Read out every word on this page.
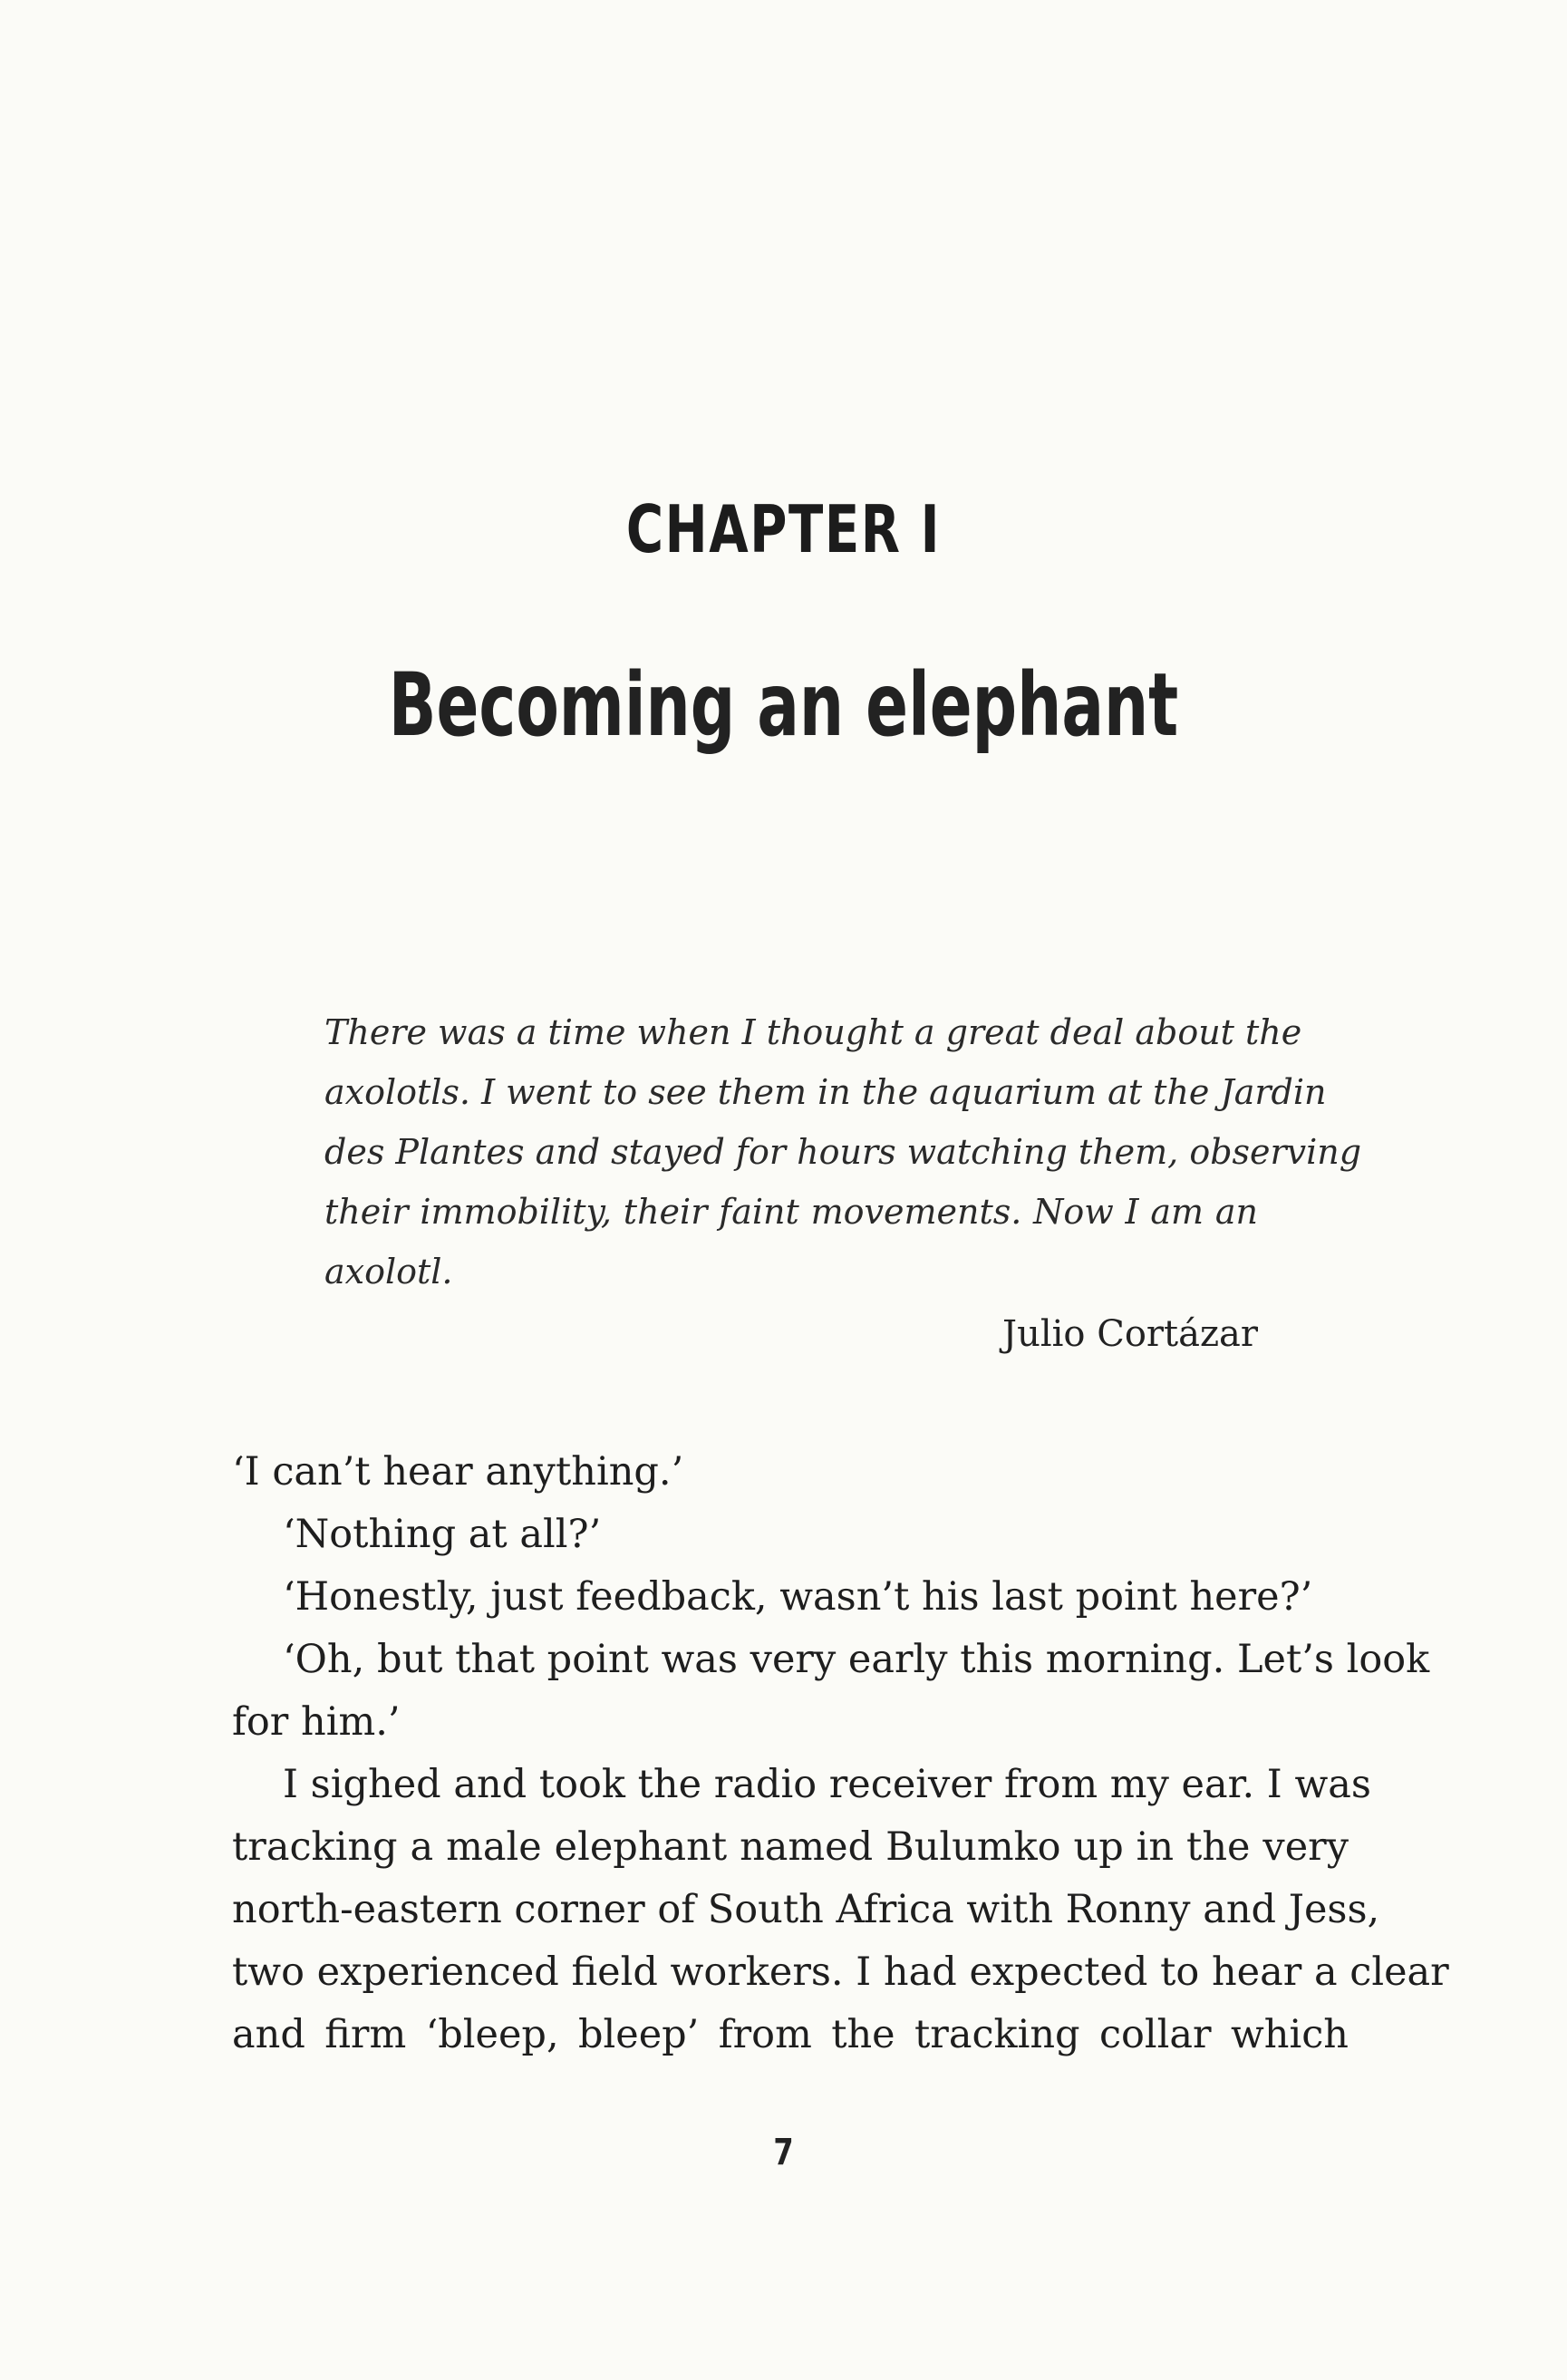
CHAPTER I
Becoming an elephant
There was a time when I thought a great deal about the
axolotls. I went to see them in the aquarium at the Jardin
des Plantes and stayed for hours watching them, observing
their immobility, their faint movements. Now I am an
axolotl.
Julio Cortázar
‘I can’t hear anything.’
‘Nothing at all?’
‘Honestly, just feedback, wasn’t his last point here?’
‘Oh, but that point was very early this morning. Let’s look
for him.’
I sighed and took the radio receiver from my ear. I was
tracking a male elephant named Bulumko up in the very
north-eastern corner of South Africa with Ronny and Jess,
two experienced field workers. I had expected to hear a clear
and firm ‘bleep, bleep’ from the tracking collar which
7
